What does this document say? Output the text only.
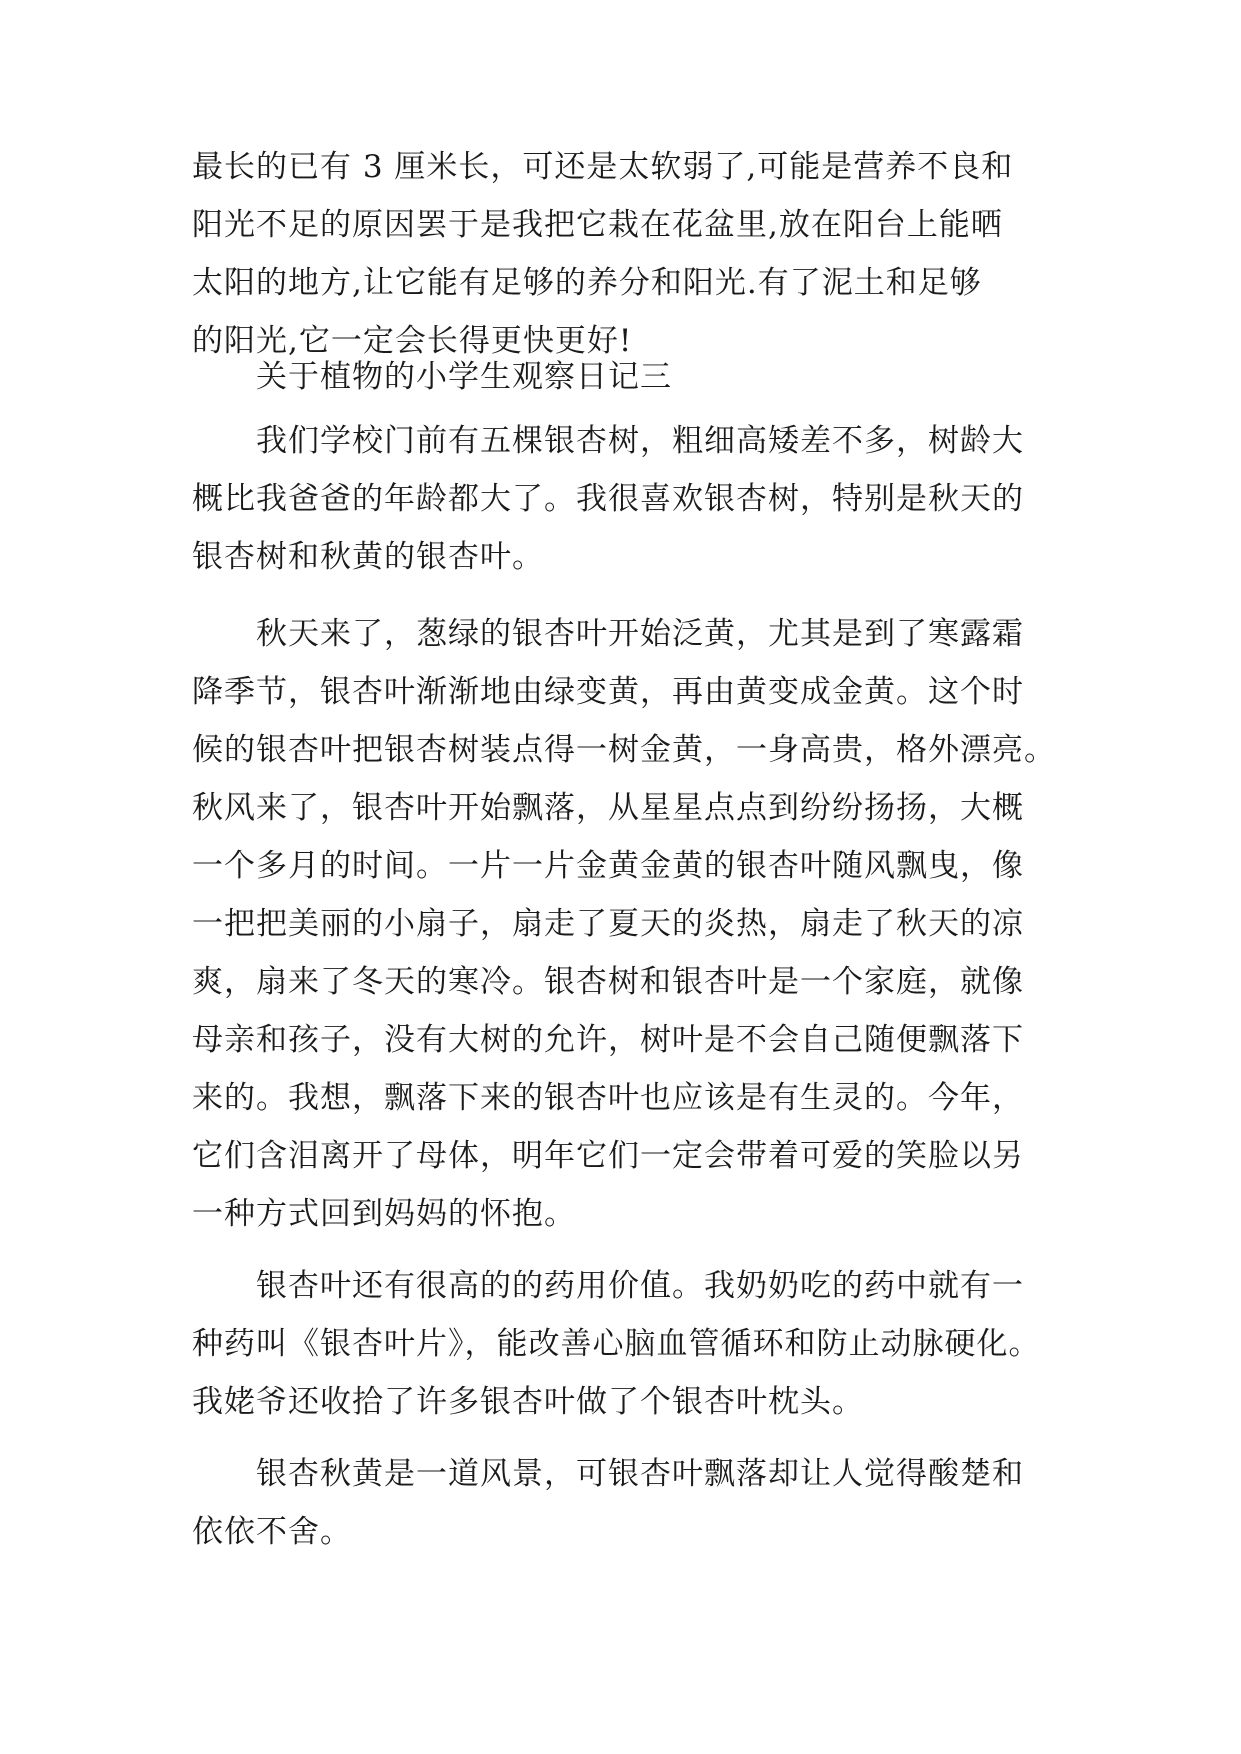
最长的已有 3 厘米长，可还是太软弱了,可能是营养不良和
阳光不足的原因罢于是我把它栽在花盆里,放在阳台上能晒
太阳的地方,让它能有足够的养分和阳光.有了泥土和足够
的阳光,它一定会长得更快更好!
关于植物的小学生观察日记三
我们学校门前有五棵银杏树，粗细高矮差不多，树龄大
概比我爸爸的年龄都大了。我很喜欢银杏树，特别是秋天的
银杏树和秋黄的银杏叶。
秋天来了，葱绿的银杏叶开始泛黄，尤其是到了寒露霜
降季节，银杏叶渐渐地由绿变黄，再由黄变成金黄。这个时
候的银杏叶把银杏树装点得一树金黄，一身高贵，格外漂亮。
秋风来了，银杏叶开始飘落，从星星点点到纷纷扬扬，大概
一个多月的时间。一片一片金黄金黄的银杏叶随风飘曳，像
一把把美丽的小扇子，扇走了夏天的炎热，扇走了秋天的凉
爽，扇来了冬天的寒冷。银杏树和银杏叶是一个家庭，就像
母亲和孩子，没有大树的允许，树叶是不会自己随便飘落下
来的。我想，飘落下来的银杏叶也应该是有生灵的。今年，
它们含泪离开了母体，明年它们一定会带着可爱的笑脸以另
一种方式回到妈妈的怀抱。
银杏叶还有很高的的药用价值。我奶奶吃的药中就有一
种药叫《银杏叶片》，能改善心脑血管循环和防止动脉硬化。
我姥爷还收拾了许多银杏叶做了个银杏叶枕头。
银杏秋黄是一道风景，可银杏叶飘落却让人觉得酸楚和
依依不舍。
